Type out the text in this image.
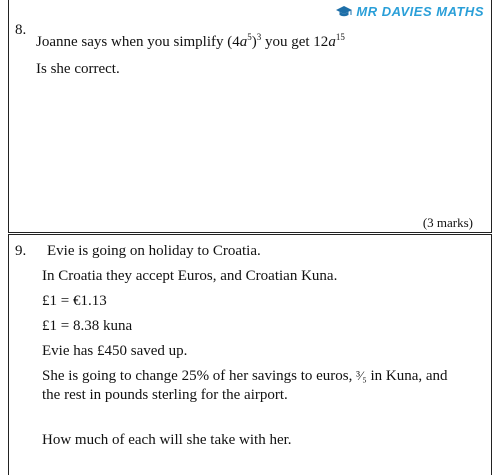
MR DAVIES MATHS
8.
Joanne says when you simplify $(4a^5)^3$ you get $12a^{15}$
Is she correct.
(3 marks)
9. Evie is going on holiday to Croatia.
In Croatia they accept Euros, and Croatian Kuna.
£1 = €1.13
£1 = 8.38 kuna
Evie has £450 saved up.
She is going to change 25% of her savings to euros, ³⁄₅ in Kuna, and
the rest in pounds sterling for the airport.
How much of each will she take with her.
